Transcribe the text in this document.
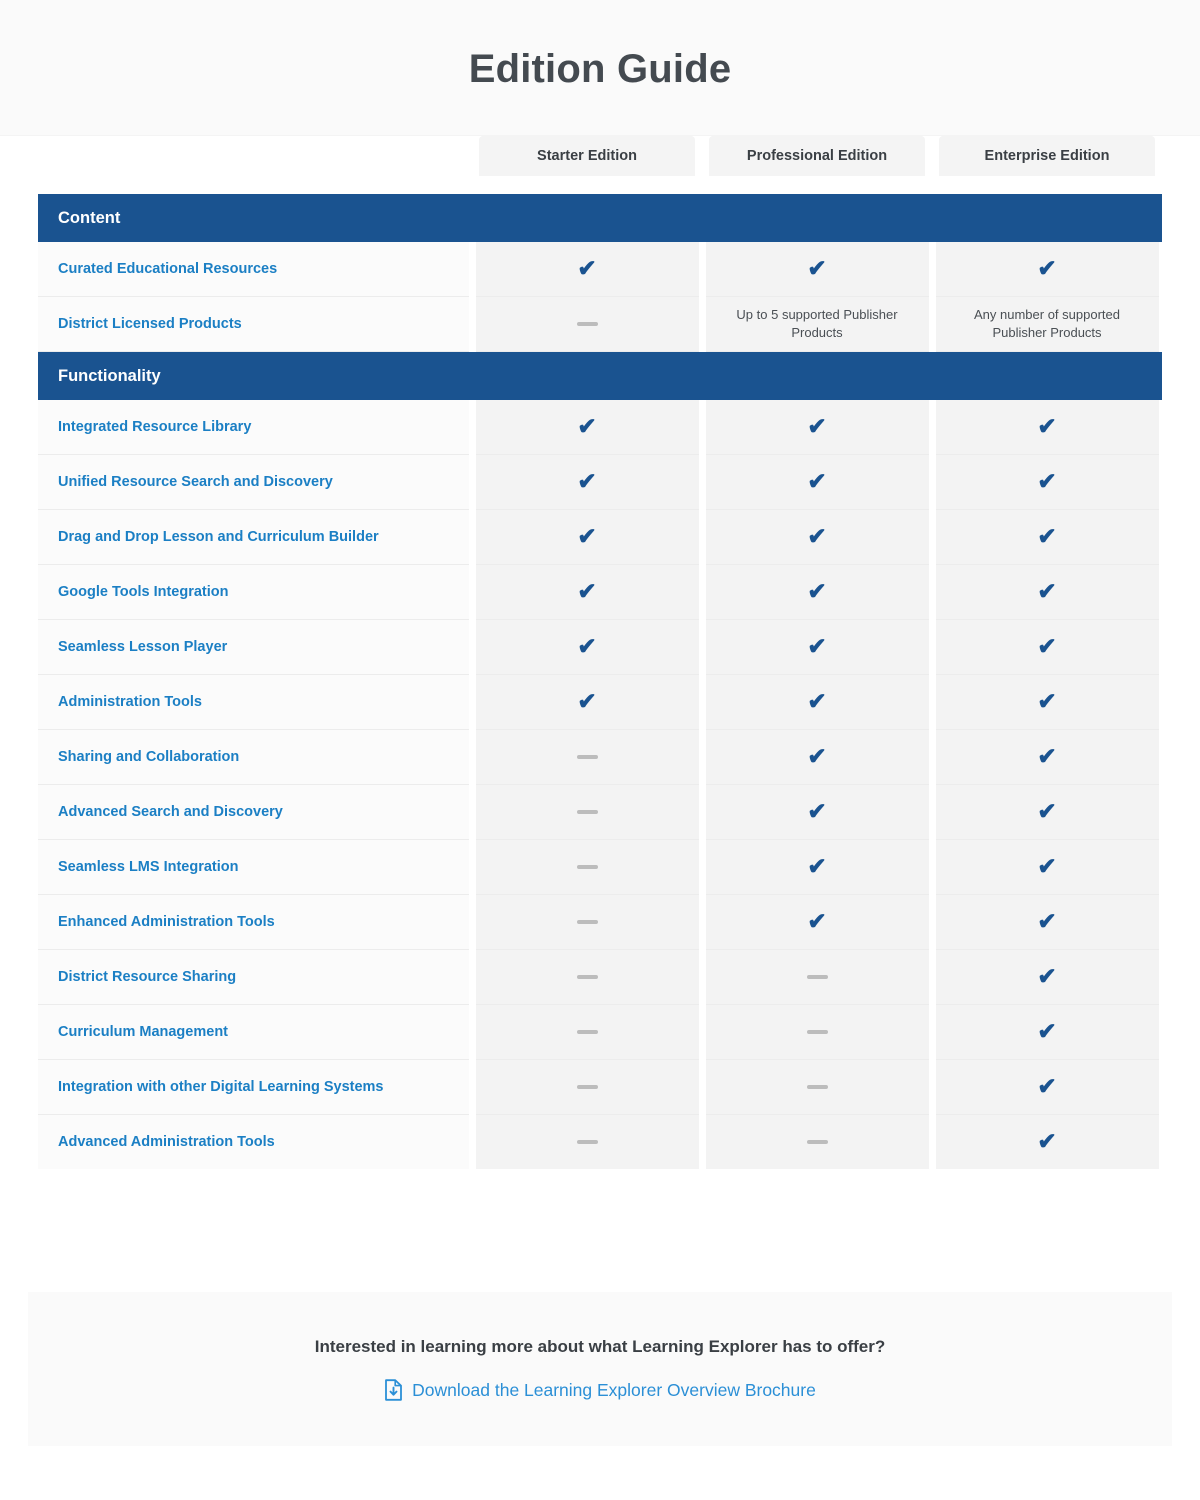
Edition Guide

Starter Edition	Professional Edition	Enterprise Edition

Content			

Curated Educational Resources	✔	✔	✔
District Licensed Products		Up to 5 supported Publisher Products	Any number of supported Publisher Products

Functionality			

Integrated Resource Library	✔	✔	✔
Unified Resource Search and Discovery	✔	✔	✔
Drag and Drop Lesson and Curriculum Builder	✔	✔	✔
Google Tools Integration	✔	✔	✔
Seamless Lesson Player	✔	✔	✔
Administration Tools	✔	✔	✔
Sharing and Collaboration		✔	✔
Advanced Search and Discovery		✔	✔
Seamless LMS Integration		✔	✔
Enhanced Administration Tools		✔	✔
District Resource Sharing			✔
Curriculum Management			✔
Integration with other Digital Learning Systems			✔
Advanced Administration Tools			✔
Interested in learning more about what Learning Explorer has to offer?
Download the Learning Explorer Overview Brochure
